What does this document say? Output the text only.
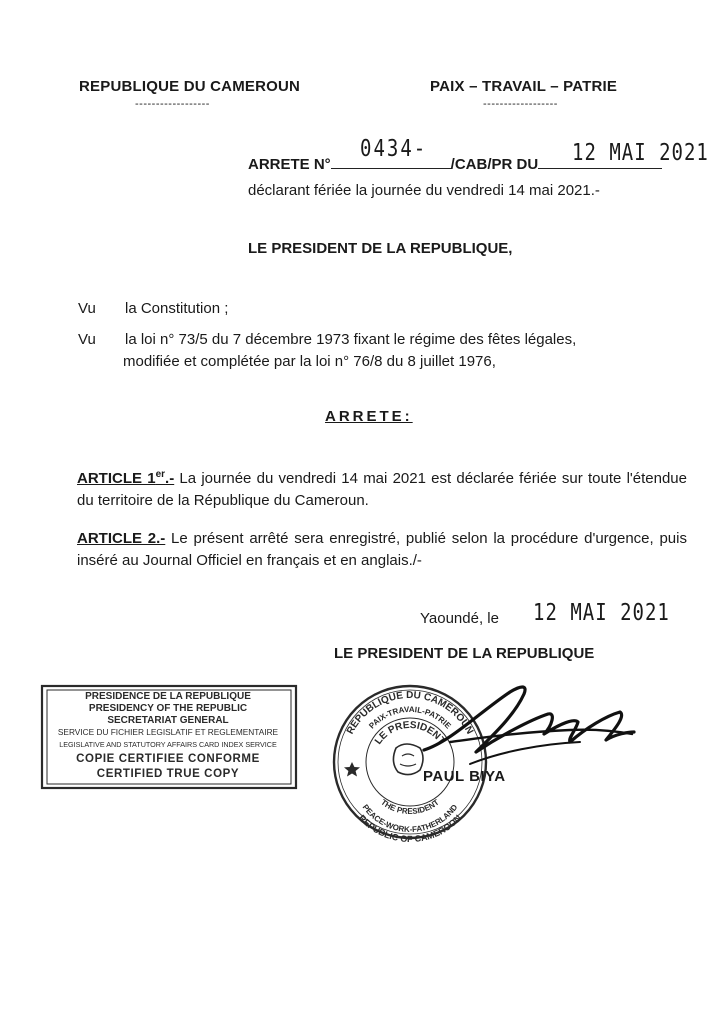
REPUBLIQUE DU CAMEROUN
------------------
PAIX – TRAVAIL – PATRIE
------------------
ARRETE N°	/CAB/PR DU
0434-	12 MAI 2021
déclarant fériée la journée du vendredi 14 mai 2021.-
LE PRESIDENT DE LA REPUBLIQUE,
Vu la Constitution ;
Vu la loi n° 73/5 du 7 décembre 1973 fixant le régime des fêtes légales,
modifiée et complétée par la loi n° 76/8 du 8 juillet 1976,
ARRETE:
ARTICLE 1er.- La journée du vendredi 14 mai 2021 est déclarée fériée sur toute l'étendue du territoire de la République du Cameroun.
ARTICLE 2.- Le présent arrêté sera enregistré, publié selon la procédure d'urgence, puis inséré au Journal Officiel en français et en anglais./-
Yaoundé, le 12 MAI 2021
LE PRESIDENT DE LA REPUBLIQUE
PRESIDENCE DE LA REPUBLIQUE
PRESIDENCY OF THE REPUBLIC
SECRETARIAT GENERAL
SERVICE DU FICHIER LEGISLATIF ET REGLEMENTAIRE
LEGISLATIVE AND STATUTORY AFFAIRS CARD INDEX SERVICE
COPIE CERTIFIEE CONFORME
CERTIFIED TRUE COPY
REPUBLIQUE DU CAMEROUN
PAIX-TRAVAIL-PATRIE
LE PRESIDENT
THE PRESIDENT
PEACE-WORK-FATHERLAND
REPUBLIC OF CAMEROON
PAUL BIYA
